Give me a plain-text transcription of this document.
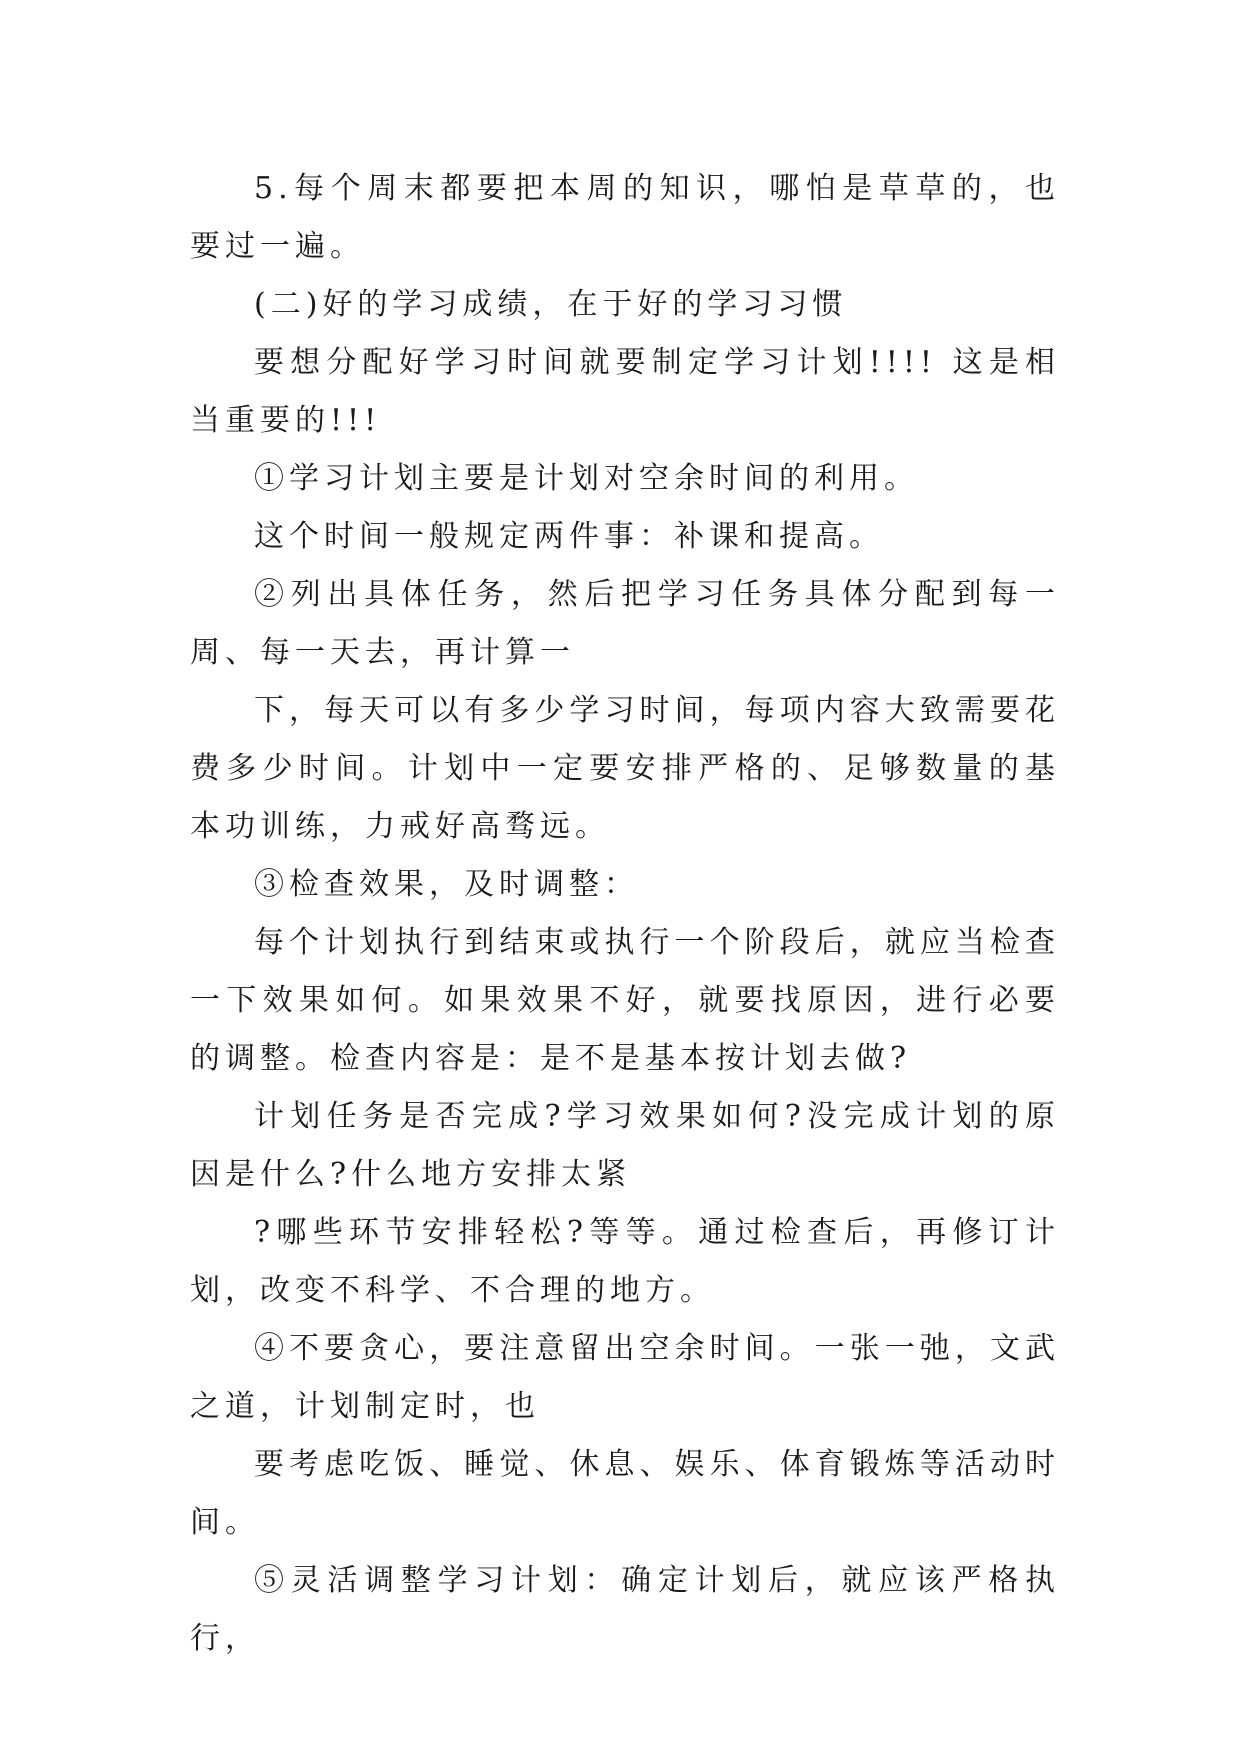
5.每个周末都要把本周的知识，哪怕是草草的，也要过一遍。

(二)好的学习成绩，在于好的学习习惯

要想分配好学习时间就要制定学习计划!!!! 这是相当重要的!!!

①学习计划主要是计划对空余时间的利用。

这个时间一般规定两件事：补课和提高。

②列出具体任务，然后把学习任务具体分配到每一周、每一天去，再计算一

下，每天可以有多少学习时间，每项内容大致需要花费多少时间。计划中一定要安排严格的、足够数量的基本功训练，力戒好高骛远。

③检查效果，及时调整：

每个计划执行到结束或执行一个阶段后，就应当检查一下效果如何。如果效果不好，就要找原因，进行必要的调整。检查内容是：是不是基本按计划去做?

计划任务是否完成?学习效果如何?没完成计划的原因是什么?什么地方安排太紧

?哪些环节安排轻松?等等。通过检查后，再修订计划，改变不科学、不合理的地方。

④不要贪心，要注意留出空余时间。一张一弛，文武之道，计划制定时，也

要考虑吃饭、睡觉、休息、娱乐、体育锻炼等活动时间。

⑤灵活调整学习计划：确定计划后，就应该严格执行，
